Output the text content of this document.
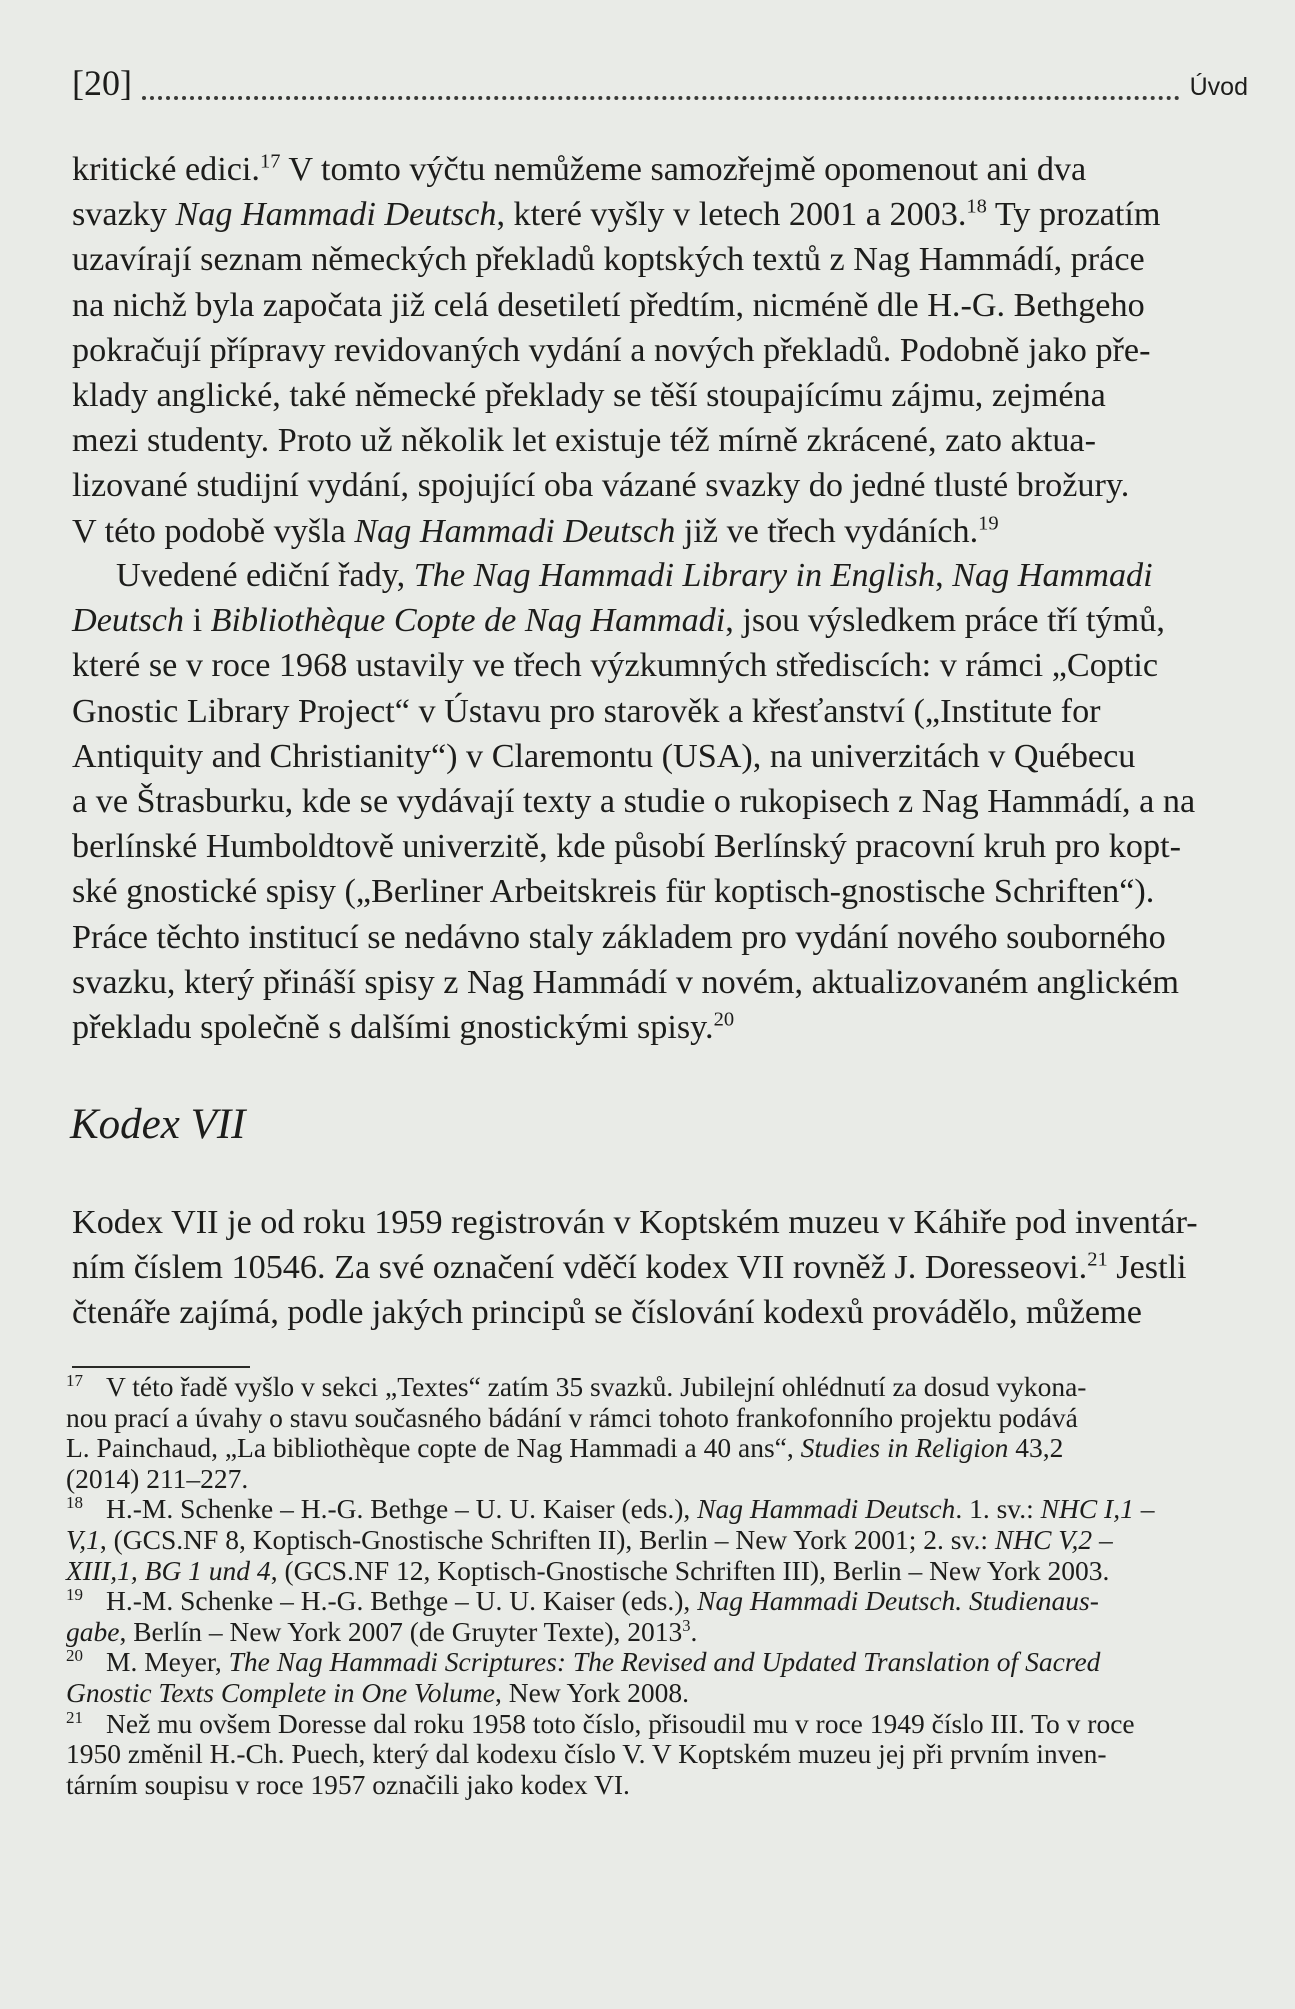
[20]	Úvod
kritické edici.$^{17}$ V tomto výčtu nemůžeme samozřejmě opomenout ani dva
svazky Nag Hammadi Deutsch, které vyšly v letech 2001 a 2003.18 Ty prozatím
uzavírají seznam německých překladů koptských textů z Nag Hammádí, práce
na nichž byla započata již celá desetiletí předtím, nicméně dle H.-G. Bethgeho
pokračují přípravy revidovaných vydání a nových překladů. Podobně jako pře-
klady anglické, také německé překlady se těší stoupajícímu zájmu, zejména
mezi studenty. Proto už několik let existuje též mírně zkrácené, zato aktua-
lizované studijní vydání, spojující oba vázané svazky do jedné tlusté brožury.
V této podobě vyšla Nag Hammadi Deutsch již ve třech vydáních.$^{19}$
Uvedené ediční řady, The Nag Hammadi Library in English, Nag Hammadi
Deutsch i Bibliothèque Copte de Nag Hammadi, jsou výsledkem práce tří týmů,
které se v roce 1968 ustavily ve třech výzkumných střediscích: v rámci „Coptic
Gnostic Library Project“ v Ústavu pro starověk a křesťanství („Institute for
Antiquity and Christianity“) v Claremontu (USA), na univerzitách v Québecu
a ve Štrasburku, kde se vydávají texty a studie o rukopisech z Nag Hammádí, a na
berlínské Humboldtově univerzitě, kde působí Berlínský pracovní kruh pro kopt-
ské gnostické spisy („Berliner Arbeitskreis für koptisch-gnostische Schriften“).
Práce těchto institucí se nedávno staly základem pro vydání nového souborného
svazku, který přináší spisy z Nag Hammádí v novém, aktualizovaném anglickém
překladu společně s dalšími gnostickými spisy.$^{20}$
Kodex VII
Kodex VII je od roku 1959 registrován v Koptském muzeu v Káhiře pod inventár-
ním číslem 10546. Za své označení vděčí kodex VII rovněž J. Doresseovi.$^{21}$ Jestli
čtenáře zajímá, podle jakých principů se číslování kodexů provádělo, můžeme
17 V této řadě vyšlo v sekci „Textes“ zatím 35 svazků. Jubilejní ohlédnutí za dosud vykona-
nou prací a úvahy o stavu současného bádání v rámci tohoto frankofonního projektu podává
L. Painchaud, „La bibliothèque copte de Nag Hammadi a 40 ans“, Studies in Religion 43,2
(2014) 211–227.
18 H.-M. Schenke – H.-G. Bethge – U. U. Kaiser (eds.), Nag Hammadi Deutsch. 1. sv.: NHC I,1 –
V,1, (GCS.NF 8, Koptisch-Gnostische Schriften II), Berlin – New York 2001; 2. sv.: NHC V,2 –
XIII,1, BG 1 und 4, (GCS.NF 12, Koptisch-Gnostische Schriften III), Berlin – New York 2003.
19 H.-M. Schenke – H.-G. Bethge – U. U. Kaiser (eds.), Nag Hammadi Deutsch. Studienaus-
gabe, Berlín – New York 2007 (de Gruyter Texte), 2013$^3$.
20 M. Meyer, The Nag Hammadi Scriptures: The Revised and Updated Translation of Sacred
Gnostic Texts Complete in One Volume, New York 2008.
21 Než mu ovšem Doresse dal roku 1958 toto číslo, přisoudil mu v roce 1949 číslo III. To v roce
1950 změnil H.-Ch. Puech, který dal kodexu číslo V. V Koptském muzeu jej při prvním inven-
tárním soupisu v roce 1957 označili jako kodex VI.
